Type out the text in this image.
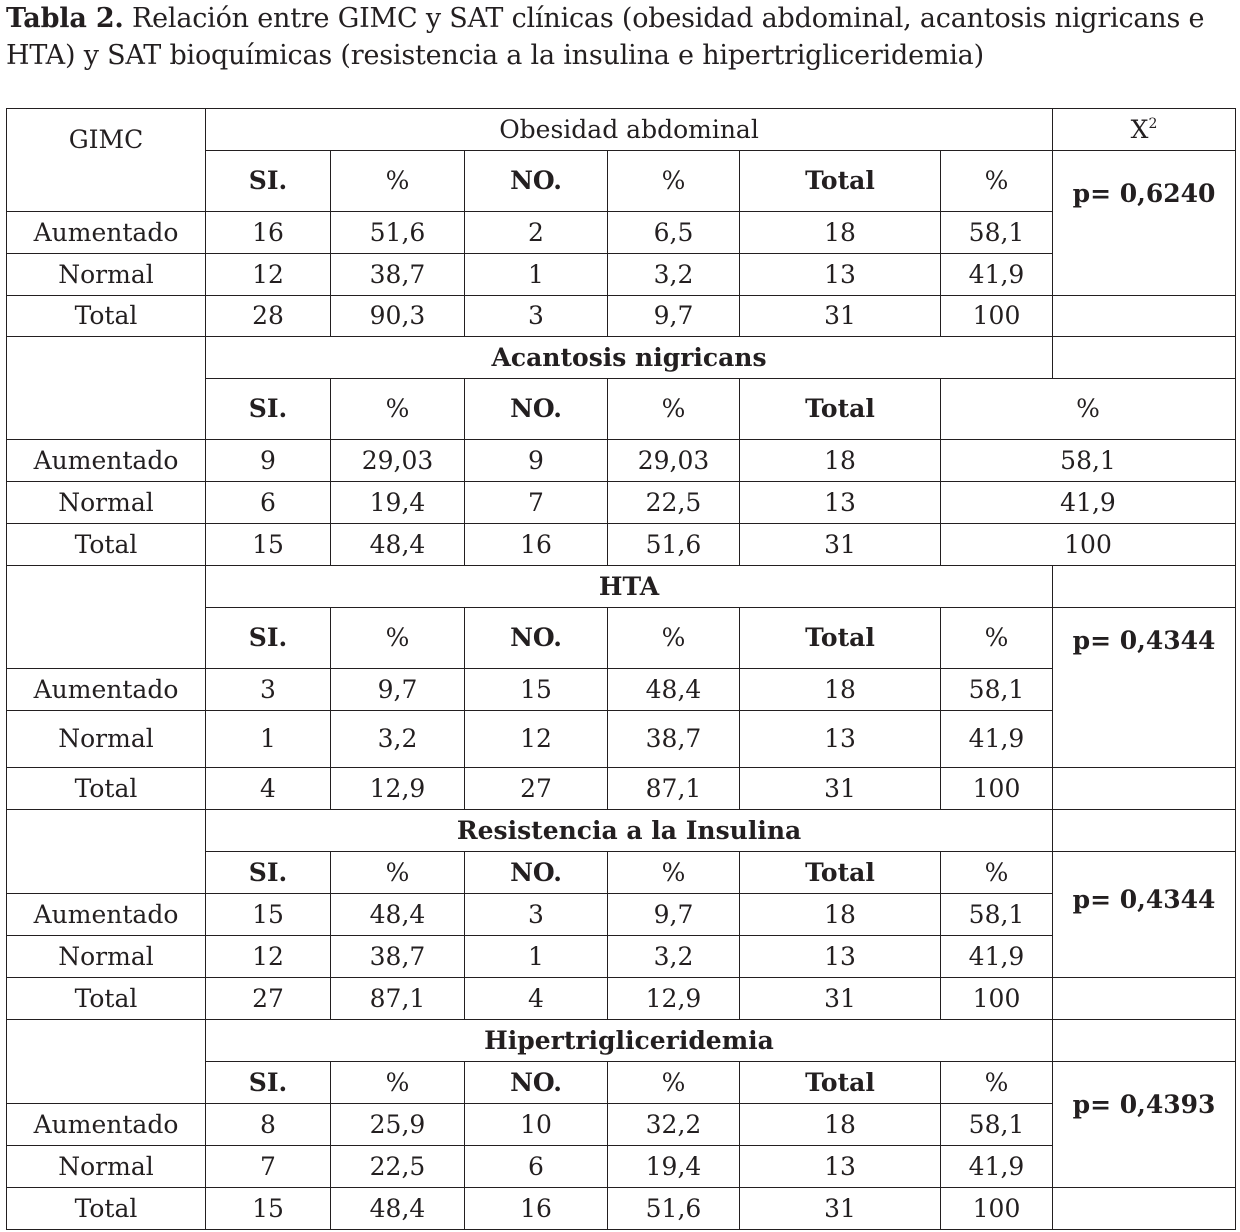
Tabla 2. Relación entre GIMC y SAT clínicas (obesidad abdominal, acantosis nigricans e HTA) y SAT bioquímicas (resistencia a la insulina e hipertrigliceridemia)
GIMC	Obesidad abdominal						$X^2$
	SI.	%	NO.	%	Total	%	p= 0,6240	
Aumentado	16	51,6	2	6,5	18	58,1		
Normal	12	38,7	1	3,2	13	41,9		
Total	28	90,3	3	9,7	31	100		
	Acantosis nigricans							
	SI.	%	NO.	%	Total	%	
Aumentado	9	29,03	9	29,03	18	58,1		
Normal	6	19,4	7	22,5	13	41,9		
Total	15	48,4	16	51,6	31	100		
	HTA							
	SI.	%	NO.	%	Total	%	p= 0,4344	
Aumentado	3	9,7	15	48,4	18	58,1		
Normal	1	3,2	12	38,7	13	41,9		
Total	4	12,9	27	87,1	31	100		
	Resistencia a la Insulina							
	SI.	%	NO.	%	Total	%	p= 0,4344	
Aumentado	15	48,4	3	9,7	18	58,1		
Normal	12	38,7	1	3,2	13	41,9		
Total	27	87,1	4	12,9	31	100		
	Hipertrigliceridemia							
	SI.	%	NO.	%	Total	%	p= 0,4393	
Aumentado	8	25,9	10	32,2	18	58,1		
Normal	7	22,5	6	19,4	13	41,9		
Total	15	48,4	16	51,6	31	100		
